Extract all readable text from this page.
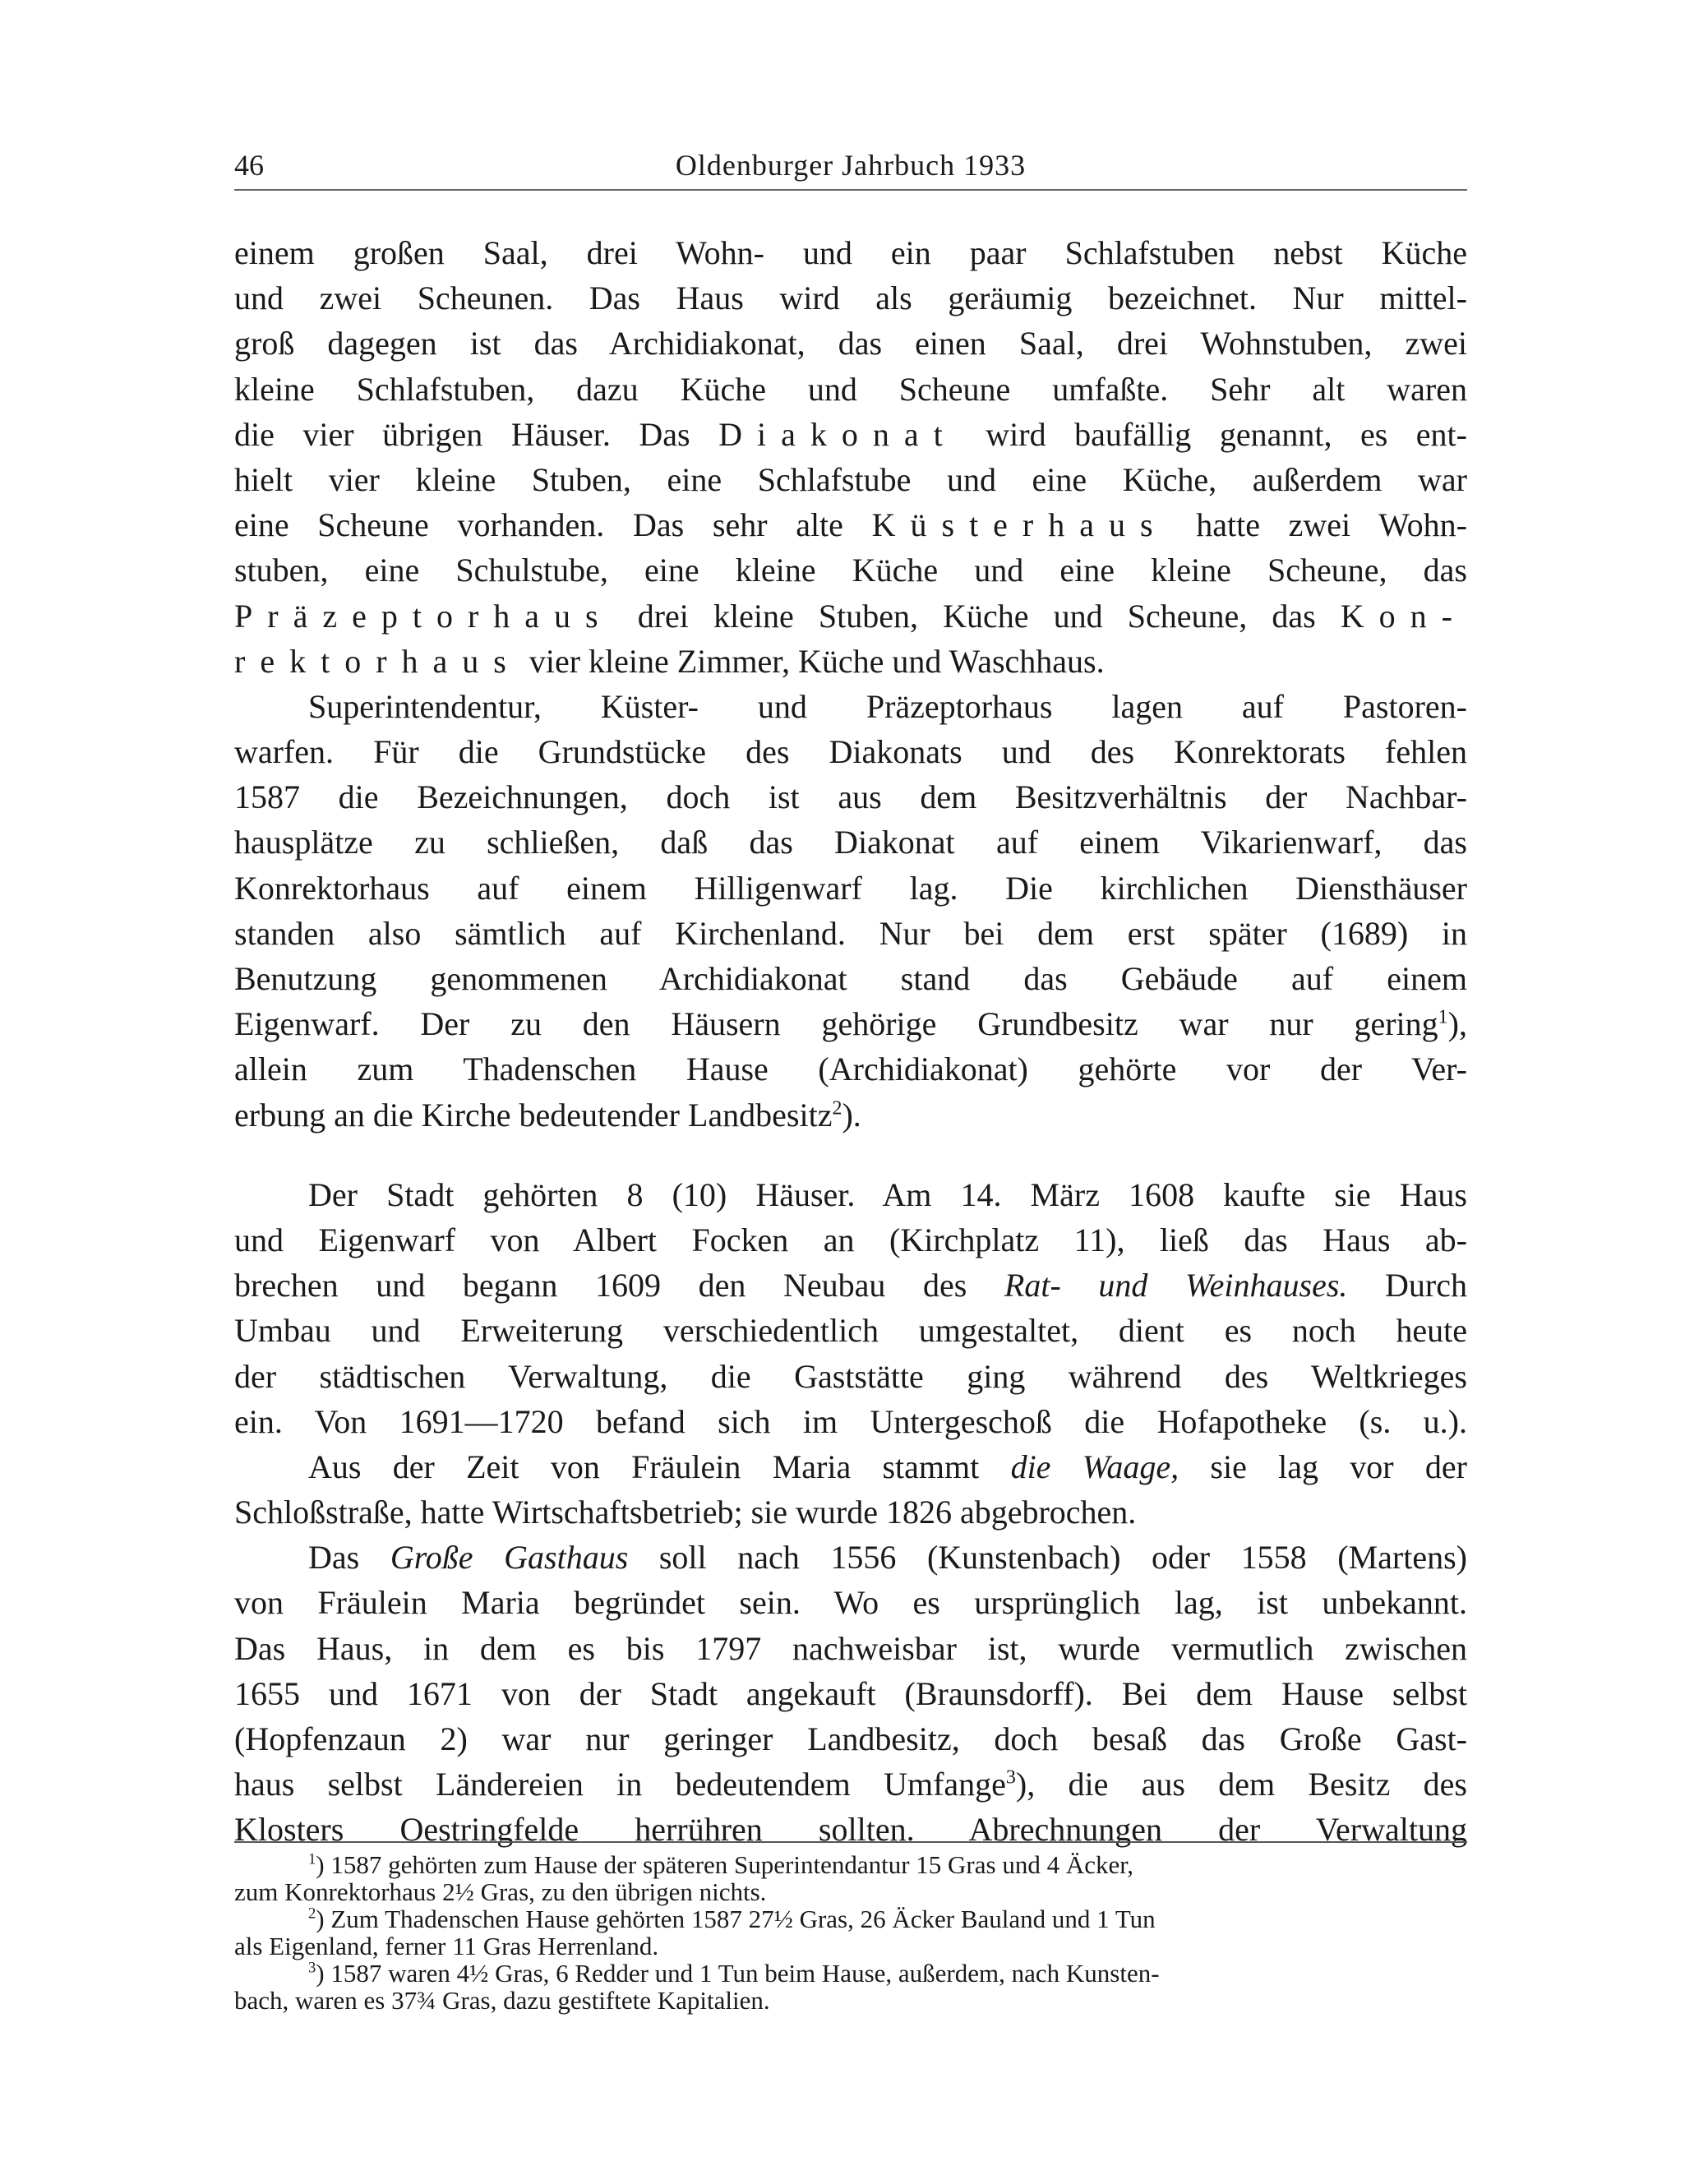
46	Oldenburger Jahrbuch 1933
einem großen Saal, drei Wohn- und ein paar Schlafstuben nebst Küche
und zwei Scheunen. Das Haus wird als geräumig bezeichnet. Nur mittel-
groß dagegen ist das Archidiakonat, das einen Saal, drei Wohnstuben, zwei
kleine Schlafstuben, dazu Küche und Scheune umfaßte. Sehr alt waren
die vier übrigen Häuser. Das Diakonat wird baufällig genannt, es ent-
hielt vier kleine Stuben, eine Schlafstube und eine Küche, außerdem war
eine Scheune vorhanden. Das sehr alte Küsterhaus hatte zwei Wohn-
stuben, eine Schulstube, eine kleine Küche und eine kleine Scheune, das
Präzeptorhaus drei kleine Stuben, Küche und Scheune, das Kon-
rektorhaus vier kleine Zimmer, Küche und Waschhaus.
Superintendentur, Küster- und Präzeptorhaus lagen auf Pastoren-
warfen. Für die Grundstücke des Diakonats und des Konrektorats fehlen
1587 die Bezeichnungen, doch ist aus dem Besitzverhältnis der Nachbar-
hausplätze zu schließen, daß das Diakonat auf einem Vikarienwarf, das
Konrektorhaus auf einem Hilligenwarf lag. Die kirchlichen Diensthäuser
standen also sämtlich auf Kirchenland. Nur bei dem erst später (1689) in
Benutzung genommenen Archidiakonat stand das Gebäude auf einem
Eigenwarf. Der zu den Häusern gehörige Grundbesitz war nur gering$^1$),
allein zum Thadenschen Hause (Archidiakonat) gehörte vor der Ver-
erbung an die Kirche bedeutender Landbesitz$^2$).
Der Stadt gehörten 8 (10) Häuser. Am 14. März 1608 kaufte sie Haus
und Eigenwarf von Albert Focken an (Kirchplatz 11), ließ das Haus ab-
brechen und begann 1609 den Neubau des Rat- und Weinhauses. Durch
Umbau und Erweiterung verschiedentlich umgestaltet, dient es noch heute
der städtischen Verwaltung, die Gaststätte ging während des Weltkrieges
ein. Von 1691—1720 befand sich im Untergeschoß die Hofapotheke (s. u.).
Aus der Zeit von Fräulein Maria stammt die Waage, sie lag vor der
Schloßstraße, hatte Wirtschaftsbetrieb; sie wurde 1826 abgebrochen.
Das Große Gasthaus soll nach 1556 (Kunstenbach) oder 1558 (Martens)
von Fräulein Maria begründet sein. Wo es ursprünglich lag, ist unbekannt.
Das Haus, in dem es bis 1797 nachweisbar ist, wurde vermutlich zwischen
1655 und 1671 von der Stadt angekauft (Braunsdorff). Bei dem Hause selbst
(Hopfenzaun 2) war nur geringer Landbesitz, doch besaß das Große Gast-
haus selbst Ländereien in bedeutendem Umfange$^3$), die aus dem Besitz des
Klosters Oestringfelde herrühren sollten. Abrechnungen der Verwaltung
$^1$) 1587 gehörten zum Hause der späteren Superintendantur 15 Gras und 4 Äcker,
zum Konrektorhaus 2½ Gras, zu den übrigen nichts.
$^2$) Zum Thadenschen Hause gehörten 1587 27½ Gras, 26 Äcker Bauland und 1 Tun
als Eigenland, ferner 11 Gras Herrenland.
$^3$) 1587 waren 4½ Gras, 6 Redder und 1 Tun beim Hause, außerdem, nach Kunsten-
bach, waren es 37¾ Gras, dazu gestiftete Kapitalien.
